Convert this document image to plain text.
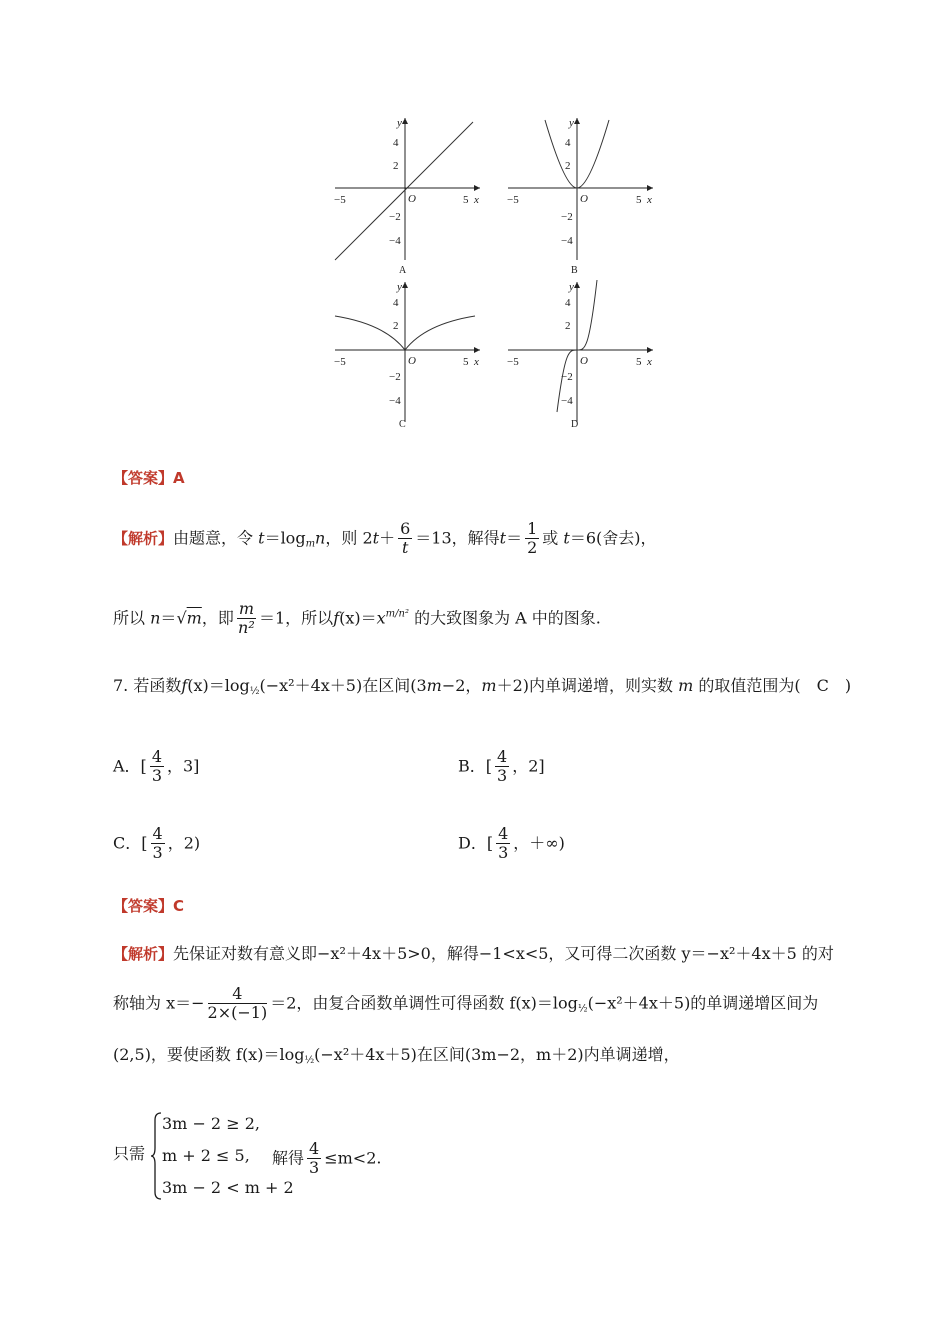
y
x
O
−5	5
4
2
−2
−4
A
y
x
O
−5	5
4
2
−2
−4
B
y
x
O
−5	5
4
2
−2
−4
C
y
x
O
−5	5
4
2
−2
−4
D
【答案】A
【解析】由题意，令 $t=\log_mn$，则 $2t+ \frac{6}{t} =13$，解得$t= \frac{1}{2}$ 或 t＝6(舍去)，
所以 n＝√m，即 $\frac{m}{\text{n²}} =1$，所以$f(x)=x^{m/n^2}$ 的大致图象为 A 中的图象.
7. 若函数$f(x)=\log_{\frac{1}{2}}(-x^2+4x+5)$在区间(3m−2，m＋2)内单调递增，则实数 m 的取值范围为(　C　)
A．[ $\frac{4}{3}$ ，3]	B．[ $\frac{4}{3}$ ，2]
C．[ $\frac{4}{3}$ ，2)	D．[ $\frac{4}{3}$ ，＋∞)
【答案】C
【解析】先保证对数有意义即−x²＋4x＋5>0，解得−1<x<5，又可得二次函数 y＝−x²＋4x＋5 的对
称轴为 $x=- \frac{4}{2\times(-1)} =2$，由复合函数单调性可得函数 $f(x)=\log_{\frac{1}{2}}(-x^2+4x+5)$的单调递增区间为
(2,5)，要使函数 $f(x)=\log_{\frac{1}{2}}(-x^2+4x+5)$在区间(3m−2，m＋2)内单调递增，
只需
3m − 2 ≥ 2,
m + 2 ≤ 5,
3m − 2 < m + 2
解得 $\frac{4}{3} \le m<2$.
